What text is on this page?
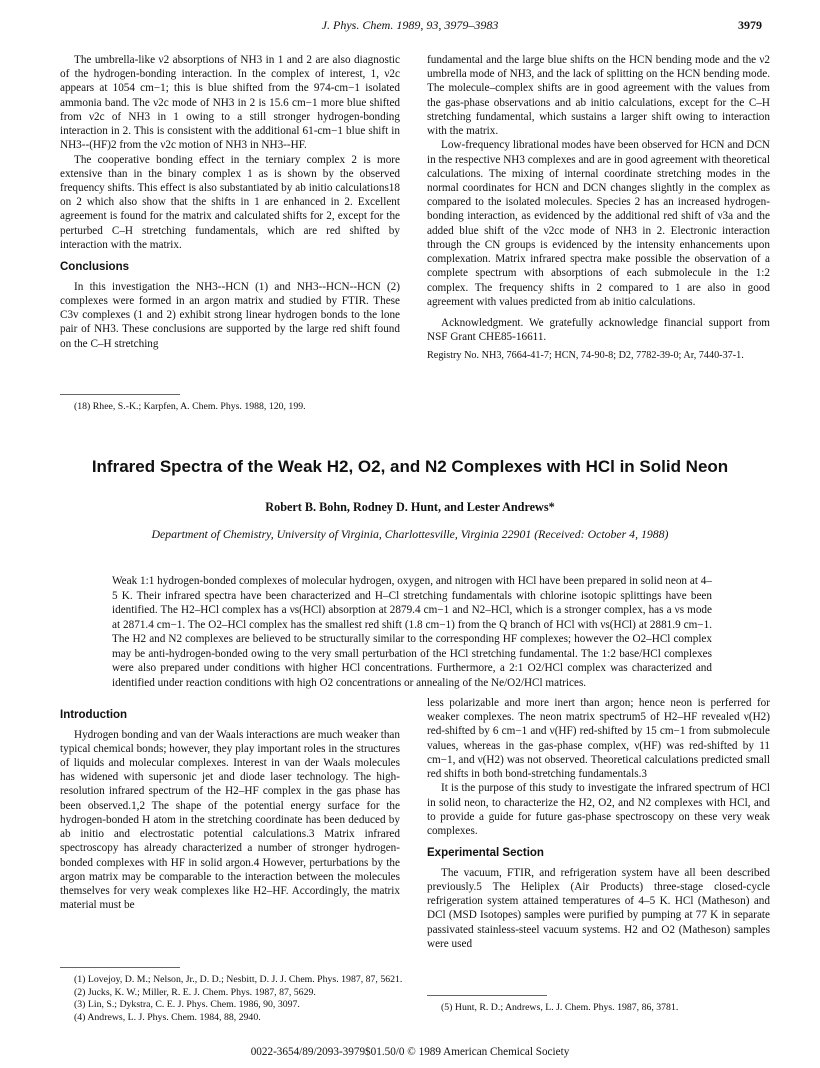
J. Phys. Chem. 1989, 93, 3979–3983	3979

The umbrella-like ν2 absorptions of NH3 in 1 and 2 are also diagnostic of the hydrogen-bonding interaction. In the complex of interest, 1, ν2c appears at 1054 cm−1; this is blue shifted from the 974-cm−1 isolated ammonia band. The ν2c mode of NH3 in 2 is 15.6 cm−1 more blue shifted from ν2c of NH3 in 1 owing to a still stronger hydrogen-bonding interaction in 2. This is consistent with the additional 61-cm−1 blue shift in NH3--(HF)2 from the ν2c motion of NH3 in NH3--HF.

The cooperative bonding effect in the terniary complex 2 is more extensive than in the binary complex 1 as is shown by the observed frequency shifts. This effect is also substantiated by ab initio calculations18 on 2 which also show that the shifts in 1 are enhanced in 2. Excellent agreement is found for the matrix and calculated shifts for 2, except for the perturbed C–H stretching fundamentals, which are red shifted by interaction with the matrix.

Conclusions

In this investigation the NH3--HCN (1) and NH3--HCN--HCN (2) complexes were formed in an argon matrix and studied by FTIR. These C3v complexes (1 and 2) exhibit strong linear hydrogen bonds to the lone pair of NH3. These conclusions are supported by the large red shift found on the C–H stretching

fundamental and the large blue shifts on the HCN bending mode and the ν2 umbrella mode of NH3, and the lack of splitting on the HCN bending mode. The molecule–complex shifts are in good agreement with the values from the gas-phase observations and ab initio calculations, except for the C–H stretching fundamental, which sustains a larger shift owing to interaction with the matrix.

Low-frequency librational modes have been observed for HCN and DCN in the respective NH3 complexes and are in good agreement with theoretical calculations. The mixing of internal coordinate stretching modes in the normal coordinates for HCN and DCN changes slightly in the complex as compared to the isolated molecules. Species 2 has an increased hydrogen-bonding interaction, as evidenced by the additional red shift of ν3a and the added blue shift of the ν2cc mode of NH3 in 2. Electronic interaction through the CN groups is evidenced by the intensity enhancements upon complexation. Matrix infrared spectra make possible the observation of a complete spectrum with absorptions of each submolecule in the 1:2 complex. The frequency shifts in 2 compared to 1 are also in good agreement with values predicted from ab initio calculations.

Acknowledgment. We gratefully acknowledge financial support from NSF Grant CHE85-16611.

Registry No. NH3, 7664-41-7; HCN, 74-90-8; D2, 7782-39-0; Ar, 7440-37-1.

(18) Rhee, S.-K.; Karpfen, A. Chem. Phys. 1988, 120, 199.
Infrared Spectra of the Weak H2, O2, and N2 Complexes with HCl in Solid Neon
Robert B. Bohn, Rodney D. Hunt, and Lester Andrews*
Department of Chemistry, University of Virginia, Charlottesville, Virginia 22901 (Received: October 4, 1988)
Weak 1:1 hydrogen-bonded complexes of molecular hydrogen, oxygen, and nitrogen with HCl have been prepared in solid neon at 4–5 K. Their infrared spectra have been characterized and H–Cl stretching fundamentals with chlorine isotopic splittings have been identified. The H2–HCl complex has a νs(HCl) absorption at 2879.4 cm−1 and N2–HCl, which is a stronger complex, has a νs mode at 2871.4 cm−1. The O2–HCl complex has the smallest red shift (1.8 cm−1) from the Q branch of HCl with νs(HCl) at 2881.9 cm−1. The H2 and N2 complexes are believed to be structurally similar to the corresponding HF complexes; however the O2–HCl complex may be anti-hydrogen-bonded owing to the very small perturbation of the HCl stretching fundamental. The 1:2 base/HCl complexes were also prepared under conditions with higher HCl concentrations. Furthermore, a 2:1 O2/HCl complex was characterized and identified under reaction conditions with high O2 concentrations or annealing of the Ne/O2/HCl matrices.
Introduction

Hydrogen bonding and van der Waals interactions are much weaker than typical chemical bonds; however, they play important roles in the structures of liquids and molecular complexes. Interest in van der Waals molecules has widened with supersonic jet and diode laser technology. The high-resolution infrared spectrum of the H2–HF complex in the gas phase has been observed.1,2 The shape of the potential energy surface for the hydrogen-bonded H atom in the stretching coordinate has been deduced by ab initio and electrostatic potential calculations.3 Matrix infrared spectroscopy has already characterized a number of stronger hydrogen-bonded complexes with HF in solid argon.4 However, perturbations by the argon matrix may be comparable to the interaction between the molecules themselves for very weak complexes like H2–HF. Accordingly, the matrix material must be

less polarizable and more inert than argon; hence neon is perferred for weaker complexes. The neon matrix spectrum5 of H2–HF revealed ν(H2) red-shifted by 6 cm−1 and ν(HF) red-shifted by 15 cm−1 from submolecule values, whereas in the gas-phase complex, ν(HF) was red-shifted by 11 cm−1, and ν(H2) was not observed. Theoretical calculations predicted small red shifts in both bond-stretching fundamentals.3

It is the purpose of this study to investigate the infrared spectrum of HCl in solid neon, to characterize the H2, O2, and N2 complexes with HCl, and to provide a guide for future gas-phase spectroscopy on these very weak complexes.

Experimental Section

The vacuum, FTIR, and refrigeration system have all been described previously.5 The Heliplex (Air Products) three-stage closed-cycle refrigeration system attained temperatures of 4–5 K. HCl (Matheson) and DCl (MSD Isotopes) samples were purified by pumping at 77 K in separate passivated stainless-steel vacuum systems. H2 and O2 (Matheson) samples were used

(1) Lovejoy, D. M.; Nelson, Jr., D. D.; Nesbitt, D. J. J. Chem. Phys. 1987, 87, 5621.
(2) Jucks, K. W.; Miller, R. E. J. Chem. Phys. 1987, 87, 5629.
(3) Lin, S.; Dykstra, C. E. J. Phys. Chem. 1986, 90, 3097.
(4) Andrews, L. J. Phys. Chem. 1984, 88, 2940.
(5) Hunt, R. D.; Andrews, L. J. Chem. Phys. 1987, 86, 3781.
0022-3654/89/2093-3979$01.50/0 © 1989 American Chemical Society
